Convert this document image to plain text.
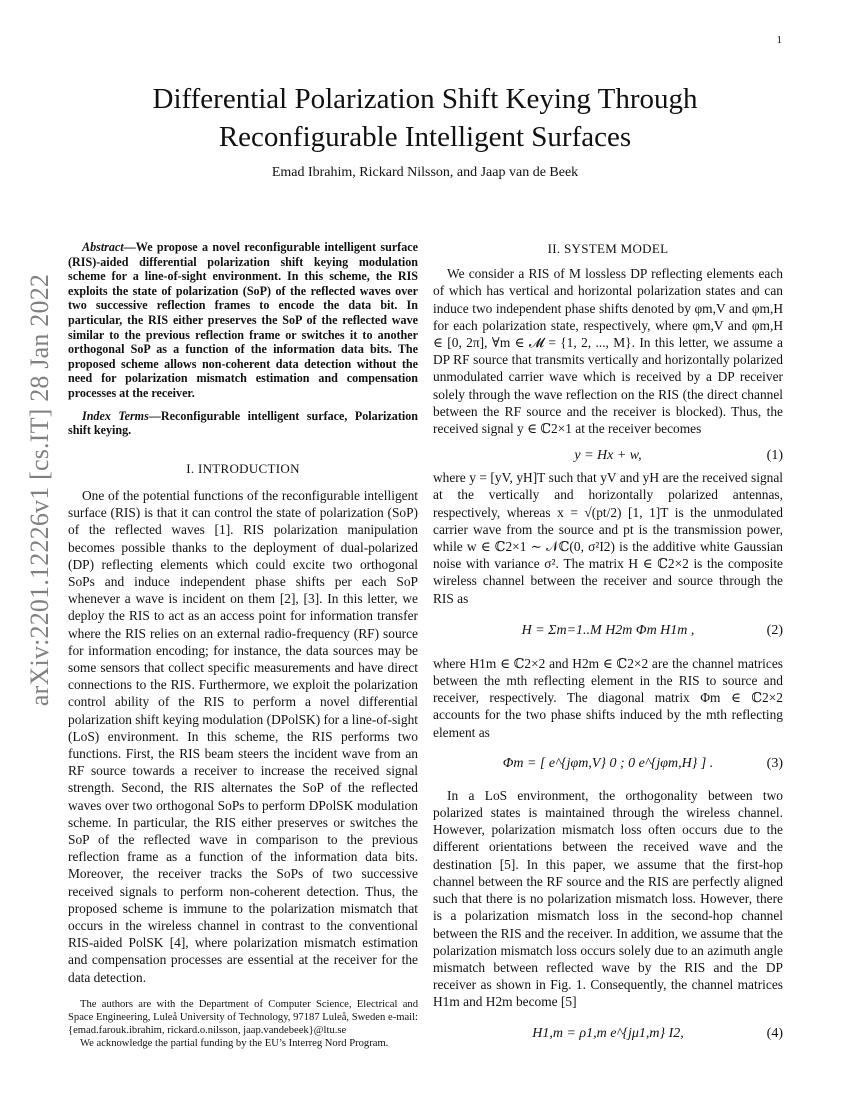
1
arXiv:2201.12226v1 [cs.IT] 28 Jan 2022
Differential Polarization Shift Keying Through Reconfigurable Intelligent Surfaces
Emad Ibrahim, Rickard Nilsson, and Jaap van de Beek

Abstract—We propose a novel reconfigurable intelligent surface (RIS)-aided differential polarization shift keying modulation scheme for a line-of-sight environment. In this scheme, the RIS exploits the state of polarization (SoP) of the reflected waves over two successive reflection frames to encode the data bit. In particular, the RIS either preserves the SoP of the reflected wave similar to the previous reflection frame or switches it to another orthogonal SoP as a function of the information data bits. The proposed scheme allows non-coherent data detection without the need for polarization mismatch estimation and compensation processes at the receiver.

Index Terms—Reconfigurable intelligent surface, Polarization shift keying.

I. INTRODUCTION

One of the potential functions of the reconfigurable intelligent surface (RIS) is that it can control the state of polarization (SoP) of the reflected waves [1]. RIS polarization manipulation becomes possible thanks to the deployment of dual-polarized (DP) reflecting elements which could excite two orthogonal SoPs and induce independent phase shifts per each SoP whenever a wave is incident on them [2], [3]. In this letter, we deploy the RIS to act as an access point for information transfer where the RIS relies on an external radio-frequency (RF) source for information encoding; for instance, the data sources may be some sensors that collect specific measurements and have direct connections to the RIS. Furthermore, we exploit the polarization control ability of the RIS to perform a novel differential polarization shift keying modulation (DPolSK) for a line-of-sight (LoS) environment. In this scheme, the RIS performs two functions. First, the RIS beam steers the incident wave from an RF source towards a receiver to increase the received signal strength. Second, the RIS alternates the SoP of the reflected waves over two orthogonal SoPs to perform DPolSK modulation scheme. In particular, the RIS either preserves or switches the SoP of the reflected wave in comparison to the previous reflection frame as a function of the information data bits. Moreover, the receiver tracks the SoPs of two successive received signals to perform non-coherent detection. Thus, the proposed scheme is immune to the polarization mismatch that occurs in the wireless channel in contrast to the conventional RIS-aided PolSK [4], where polarization mismatch estimation and compensation processes are essential at the receiver for the data detection.

The authors are with the Department of Computer Science, Electrical and Space Engineering, Luleå University of Technology, 97187 Luleå, Sweden e-mail:{emad.farouk.ibrahim, rickard.o.nilsson, jaap.vandebeek}@ltu.se

We acknowledge the partial funding by the EU’s Interreg Nord Program.

II. SYSTEM MODEL

We consider a RIS of M lossless DP reflecting elements each of which has vertical and horizontal polarization states and can induce two independent phase shifts denoted by φm,V and φm,H for each polarization state, respectively, where φm,V and φm,H ∈ [0, 2π], ∀m ∈ 𝓜 = {1, 2, ..., M}. In this letter, we assume a DP RF source that transmits vertically and horizontally polarized unmodulated carrier wave which is received by a DP receiver solely through the wave reflection on the RIS (the direct channel between the RF source and the receiver is blocked). Thus, the received signal y ∈ ℂ2×1 at the receiver becomes

y = Hx + w,	(1)

where y = [yV, yH]T such that yV and yH are the received signal at the vertically and horizontally polarized antennas, respectively, whereas x = √(pt/2) [1, 1]T is the unmodulated carrier wave from the source and pt is the transmission power, while w ∈ ℂ2×1 ∼ 𝒩ℂ(0, σ²I2) is the additive white Gaussian noise with variance σ². The matrix H ∈ ℂ2×2 is the composite wireless channel between the receiver and source through the RIS as

H = Σm=1..M H2m Φm H1m ,	(2)

where H1m ∈ ℂ2×2 and H2m ∈ ℂ2×2 are the channel matrices between the mth reflecting element in the RIS to source and receiver, respectively. The diagonal matrix Φm ∈ ℂ2×2 accounts for the two phase shifts induced by the mth reflecting element as

Φm = [ e^{jφm,V} 0 ; 0 e^{jφm,H} ] .	(3)

In a LoS environment, the orthogonality between two polarized states is maintained through the wireless channel. However, polarization mismatch loss often occurs due to the different orientations between the received wave and the destination [5]. In this paper, we assume that the first-hop channel between the RF source and the RIS are perfectly aligned such that there is no polarization mismatch loss. However, there is a polarization mismatch loss in the second-hop channel between the RIS and the receiver. In addition, we assume that the polarization mismatch loss occurs solely due to an azimuth angle mismatch between reflected wave by the RIS and the DP receiver as shown in Fig. 1. Consequently, the channel matrices H1m and H2m become [5]

H1,m = ρ1,m e^{jμ1,m} I2,	(4)
